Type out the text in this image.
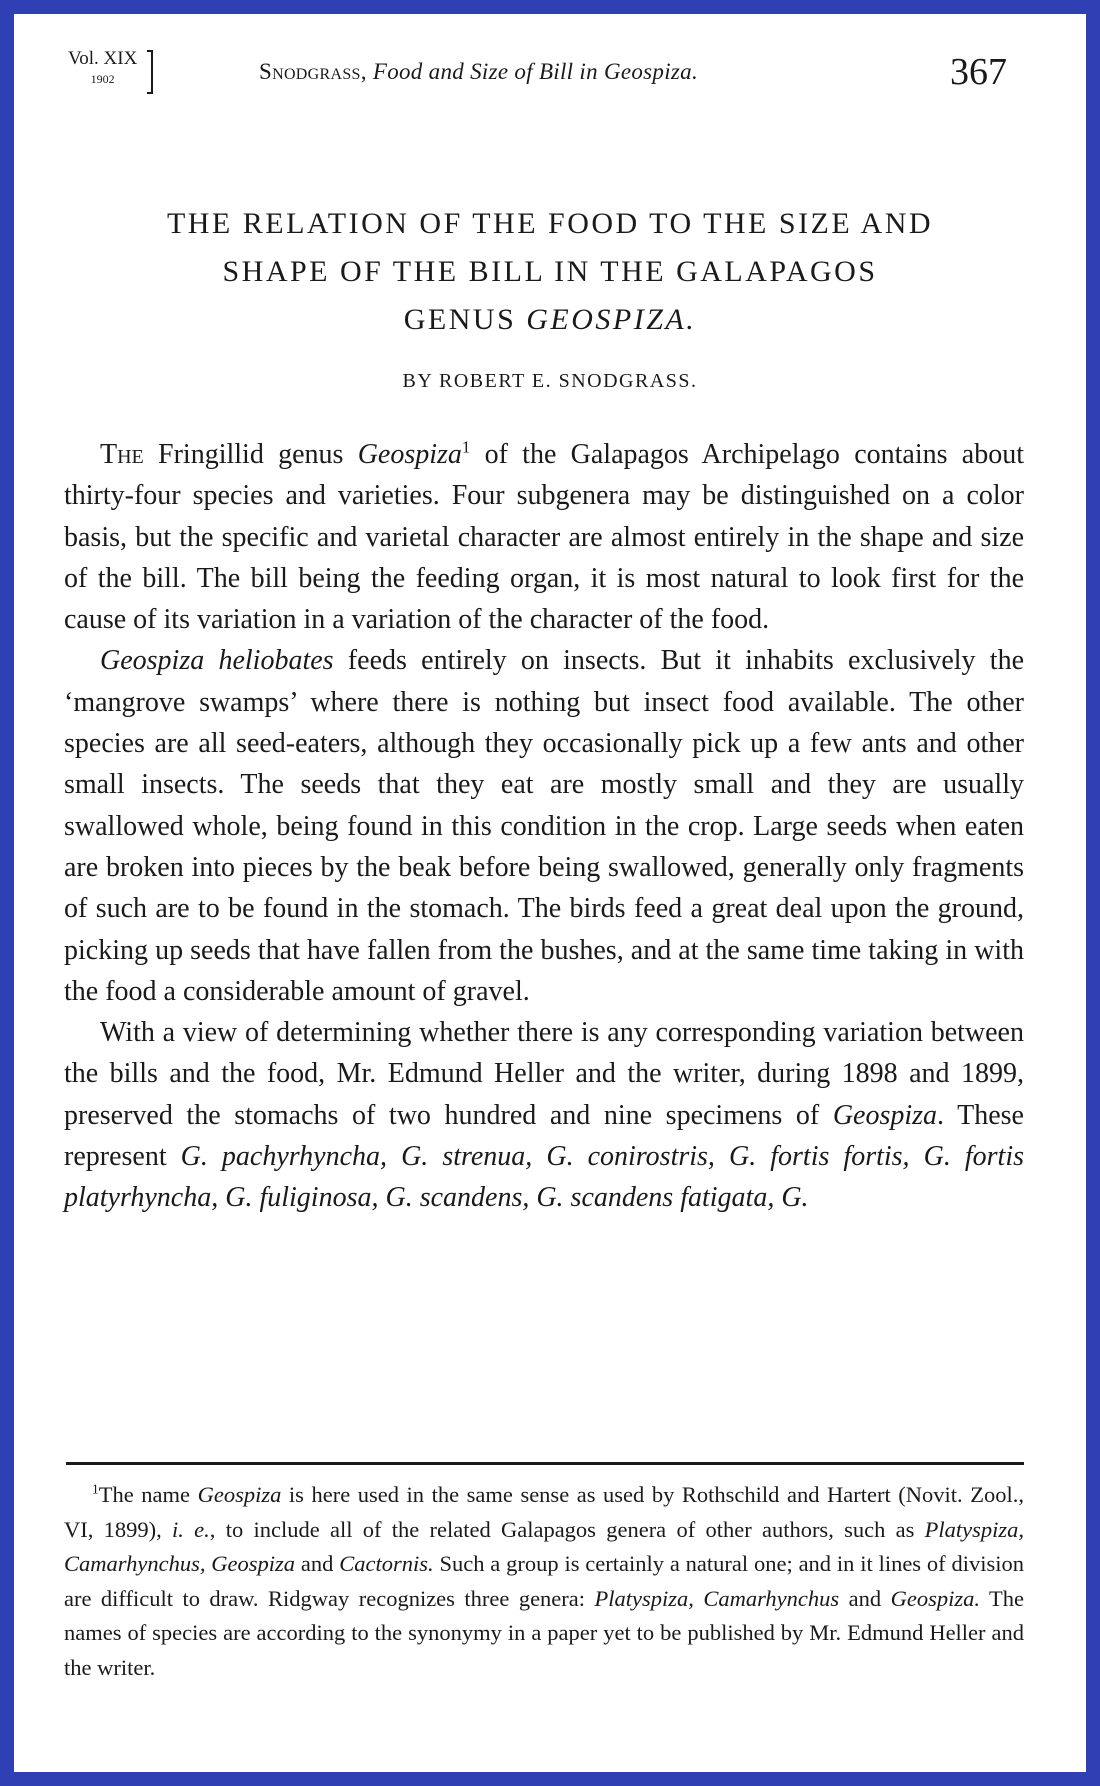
Vol. XIX
1902	Snodgrass, Food and Size of Bill in Geospiza.	367
THE RELATION OF THE FOOD TO THE SIZE AND
SHAPE OF THE BILL IN THE GALAPAGOS
GENUS GEOSPIZA.
BY ROBERT E. SNODGRASS.

The Fringillid genus Geospiza$^1$ of the Galapagos Archipelago contains about thirty-four species and varieties. Four subgenera may be distinguished on a color basis, but the specific and varietal character are almost entirely in the shape and size of the bill. The bill being the feeding organ, it is most natural to look first for the cause of its variation in a variation of the character of the food.

Geospiza heliobates feeds entirely on insects. But it inhabits exclusively the ‘mangrove swamps’ where there is nothing but insect food available. The other species are all seed-eaters, although they occasionally pick up a few ants and other small insects. The seeds that they eat are mostly small and they are usually swallowed whole, being found in this condition in the crop. Large seeds when eaten are broken into pieces by the beak before being swallowed, generally only fragments of such are to be found in the stomach. The birds feed a great deal upon the ground, picking up seeds that have fallen from the bushes, and at the same time taking in with the food a considerable amount of gravel.

With a view of determining whether there is any corresponding variation between the bills and the food, Mr. Edmund Heller and the writer, during 1898 and 1899, preserved the stomachs of two hundred and nine specimens of Geospiza. These represent G. pachyrhyncha, G. strenua, G. conirostris, G. fortis fortis, G. fortis platyrhyncha, G. fuliginosa, G. scandens, G. scandens fatigata, G.

$^1$The name Geospiza is here used in the same sense as used by Rothschild and Hartert (Novit. Zool., VI, 1899), i. e., to include all of the related Galapagos genera of other authors, such as Platyspiza, Camarhynchus, Geospiza and Cactornis. Such a group is certainly a natural one; and in it lines of division are difficult to draw. Ridgway recognizes three genera: Platyspiza, Camarhynchus and Geospiza. The names of species are according to the synonymy in a paper yet to be published by Mr. Edmund Heller and the writer.
